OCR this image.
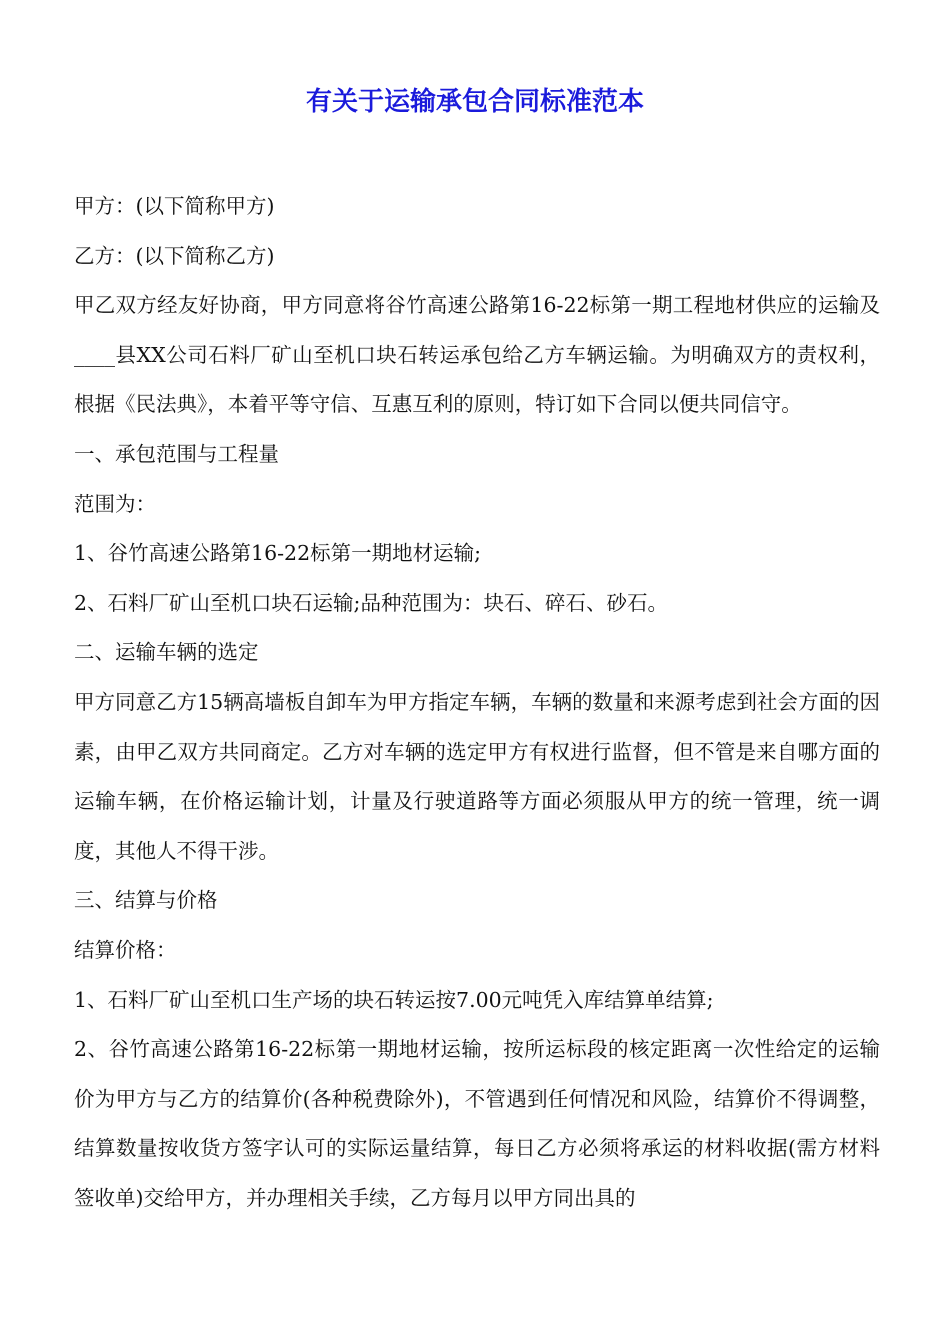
有关于运输承包合同标准范本

甲方：(以下简称甲方)

乙方：(以下简称乙方)

甲乙双方经友好协商，甲方同意将谷竹高速公路第16-22标第一期工程地材供应的运输及____县XX公司石料厂矿山至机口块石转运承包给乙方车辆运输。为明确双方的责权利，根据《民法典》，本着平等守信、互惠互利的原则，特订如下合同以便共同信守。

一、承包范围与工程量

范围为：

1、谷竹高速公路第16-22标第一期地材运输;

2、石料厂矿山至机口块石运输;品种范围为：块石、碎石、砂石。

二、运输车辆的选定

甲方同意乙方15辆高墙板自卸车为甲方指定车辆，车辆的数量和来源考虑到社会方面的因素，由甲乙双方共同商定。乙方对车辆的选定甲方有权进行监督，但不管是来自哪方面的运输车辆，在价格运输计划，计量及行驶道路等方面必须服从甲方的统一管理，统一调度，其他人不得干涉。

三、结算与价格

结算价格：

1、石料厂矿山至机口生产场的块石转运按7.00元吨凭入库结算单结算;

2、谷竹高速公路第16-22标第一期地材运输，按所运标段的核定距离一次性给定的运输价为甲方与乙方的结算价(各种税费除外)，不管遇到任何情况和风险，结算价不得调整，结算数量按收货方签字认可的实际运量结算，每日乙方必须将承运的材料收据(需方材料签收单)交给甲方，并办理相关手续，乙方每月以甲方同出具的
